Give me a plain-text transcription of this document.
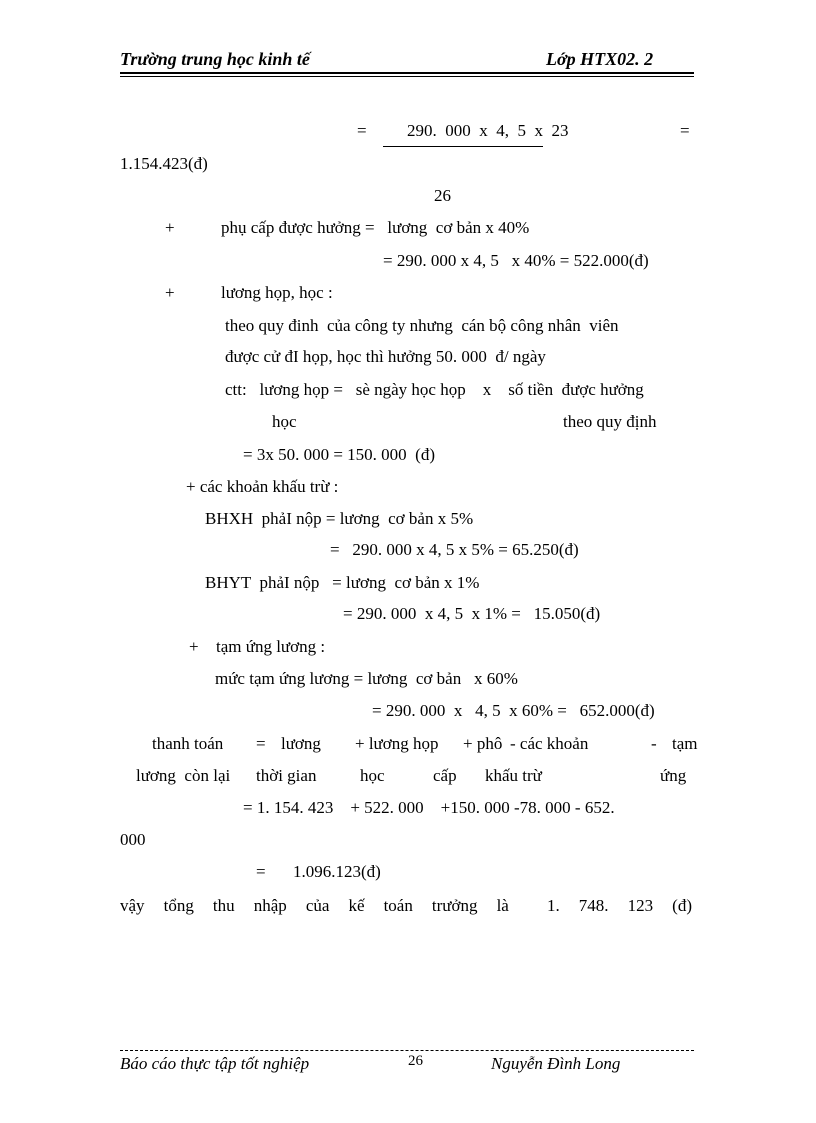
Trường trung học kinh tế	Lớp HTX02. 2
= 290.  000  x  4,  5  x  23	=
1.154.423(đ)
26
+	phụ cấp được hưởng =   lương  cơ bản x 40%
= 290. 000 x 4, 5   x 40% = 522.000(đ)
+	lương họp, học :
theo quy đinh  của công ty nhưng  cán bộ công nhân  viên
được cử đI họp, học thì hưởng 50. 000  đ/ ngày
ctt:   lương họp =   sè ngày học họp    x    số tiền  được hưởng
học	theo quy định
= 3x 50. 000 = 150. 000  (đ)
+ các khoản khấu trừ :
BHXH  phảI nộp = lương  cơ bản x 5%
=   290. 000 x 4, 5 x 5% = 65.250(đ)
BHYT  phảI nộp   = lương  cơ bản x 1%
= 290. 000  x 4, 5  x 1% =   15.050(đ)
+ tạm ứng lương :
mức tạm ứng lương = lương  cơ bản   x 60%
= 290. 000  x   4, 5  x 60% =   652.000(đ)
thanh toán = lương + lương họp + phô - các khoản	- tạm
lương  còn lại thời gian	học	cấp khấu trừ	ứng
= 1. 154. 423    + 522. 000    +150. 000 -78. 000 - 652.
000
= 1.096.123(đ)
vậy tổng thu nhập của kế toán trưởng là 1. 748. 123 (đ)
Báo cáo thực tập tốt nghiệp	26	Nguyễn Đình Long
